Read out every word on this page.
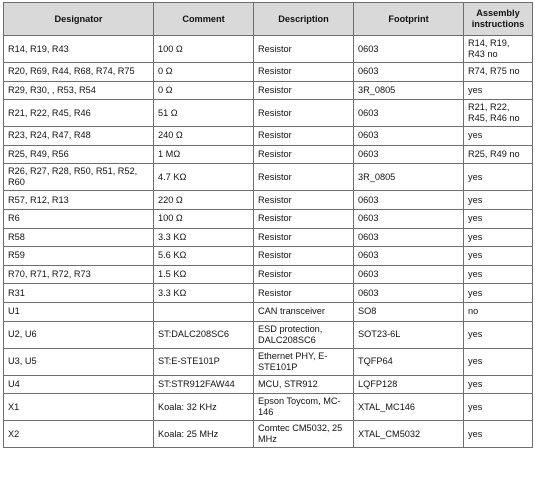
Designator	Comment	Description	Footprint	Assembly instructions
R14, R19, R43	100 Ω	Resistor	0603	R14, R19, R43 no
R20, R69, R44, R68, R74, R75	0 Ω	Resistor	0603	R74, R75 no
R29, R30, , R53, R54	0 Ω	Resistor	3R_0805	yes
R21, R22, R45, R46	51 Ω	Resistor	0603	R21, R22, R45, R46 no
R23, R24, R47, R48	240 Ω	Resistor	0603	yes
R25, R49, R56	1 MΩ	Resistor	0603	R25, R49 no
R26, R27, R28, R50, R51, R52, R60	4.7 KΩ	Resistor	3R_0805	yes
R57, R12, R13	220 Ω	Resistor	0603	yes
R6	100 Ω	Resistor	0603	yes
R58	3.3 KΩ	Resistor	0603	yes
R59	5.6 KΩ	Resistor	0603	yes
R70, R71, R72, R73	1.5 KΩ	Resistor	0603	yes
R31	3.3 KΩ	Resistor	0603	yes
U1		CAN transceiver	SO8	no
U2, U6	ST:DALC208SC6	ESD protection, DALC208SC6	SOT23-6L	yes
U3, U5	ST:E-STE101P	Ethernet PHY, E-STE101P	TQFP64	yes
U4	ST:STR912FAW44	MCU, STR912	LQFP128	yes
X1	Koala: 32 KHz	Epson Toycom, MC-146	XTAL_MC146	yes
X2	Koala: 25 MHz	Comtec CM5032, 25 MHz	XTAL_CM5032	yes
